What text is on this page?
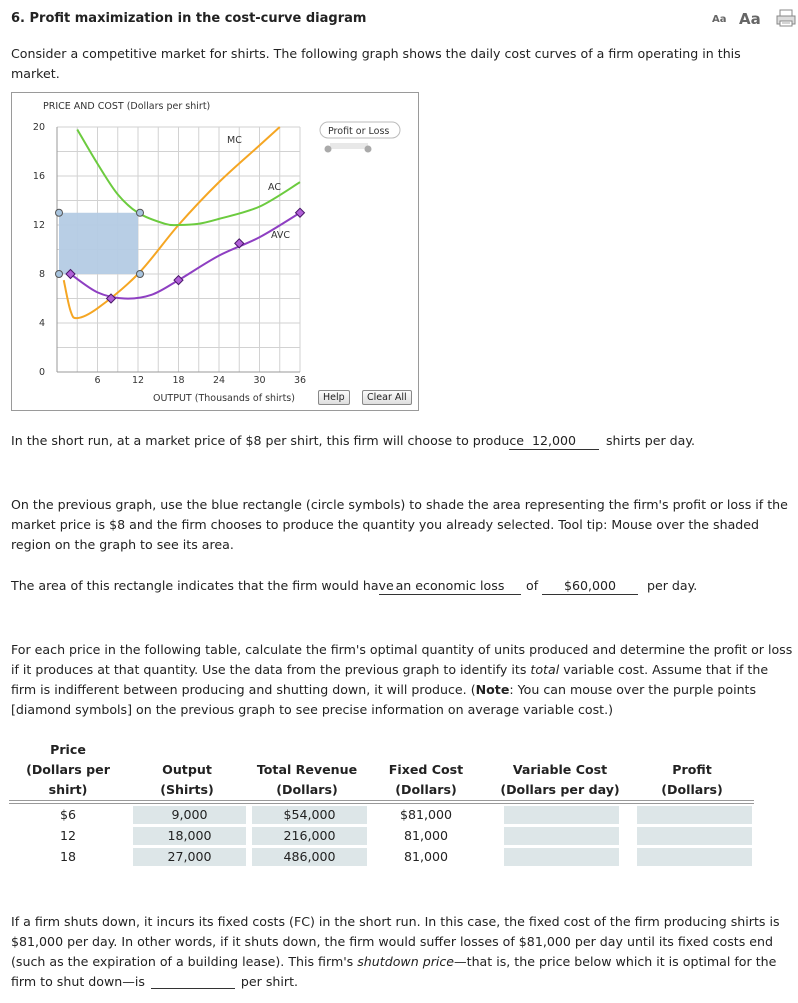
6. Profit maximization in the cost-curve diagram	Aa Aa
Consider a competitive market for shirts. The following graph shows the daily cost curves of a firm operating in this market.
PRICE AND COST (Dollars per shirt)
20
16
12
8
4
0
6	12	18	24	30	36
MC
AC
AVC
Profit or Loss
OUTPUT (Thousands of shirts)	Help	Clear All
In the short run, at a market price of $8 per shirt, this firm will choose to produce 12,000	shirts per day.
On the previous graph, use the blue rectangle (circle symbols) to shade the area representing the firm's profit or loss if the market price is $8 and the firm chooses to produce the quantity you already selected. Tool tip: Mouse over the shaded region on the graph to see its area.
The area of this rectangle indicates that the firm would have an economic loss	of	$60,000	per day.
For each price in the following table, calculate the firm's optimal quantity of units produced and determine the profit or loss if it produces at that quantity. Use the data from the previous graph to identify its total variable cost. Assume that if the firm is indifferent between producing and shutting down, it will produce. (Note: You can mouse over the purple points [diamond symbols] on the previous graph to see precise information on average variable cost.)
Price
(Dollars per
shirt)
Output
(Shirts)
Total Revenue
(Dollars)
Fixed Cost
(Dollars)
Variable Cost
(Dollars per day)
Profit
(Dollars)
$6	9,000	$54,000	$81,000
12	18,000	216,000	81,000
18	27,000	486,000	81,000
If a firm shuts down, it incurs its fixed costs (FC) in the short run. In this case, the fixed cost of the firm producing shirts is $81,000 per day. In other words, if it shuts down, the firm would suffer losses of $81,000 per day until its fixed costs end (such as the expiration of a building lease). This firm's shutdown price—that is, the price below which it is optimal for the firm to shut down—is	per shirt.
